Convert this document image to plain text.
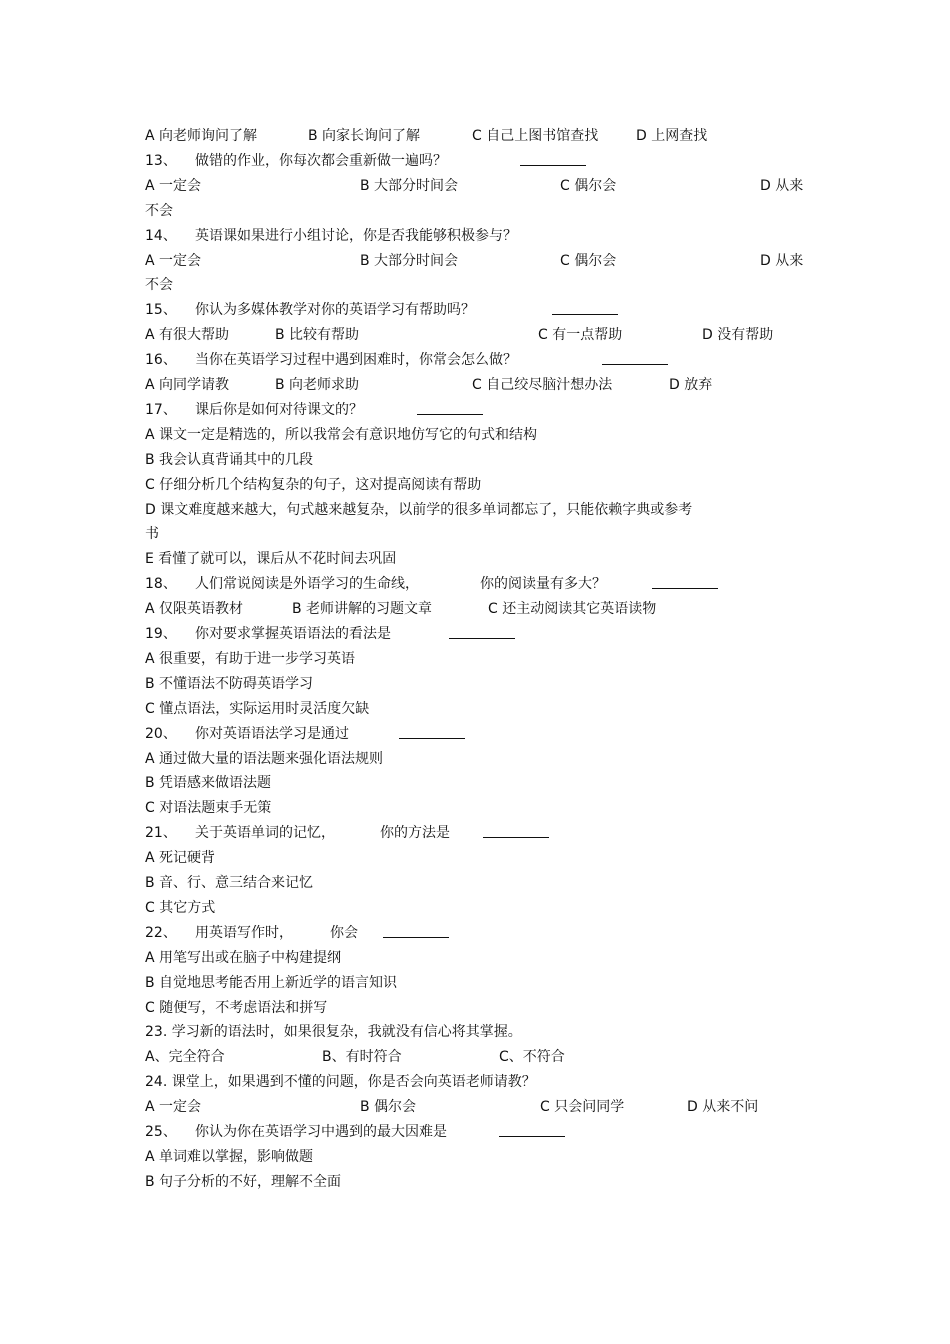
A 向老师询问了解	B 向家长询问了解	C 自己上图书馆查找	D 上网查找
13、 做错的作业，你每次都会重新做一遍吗？
A 一定会	B 大部分时间会	C 偶尔会	D 从来
不会
14、 英语课如果进行小组讨论，你是否我能够积极参与？
A 一定会	B 大部分时间会	C 偶尔会	D 从来
不会
15、 你认为多媒体教学对你的英语学习有帮助吗？
A 有很大帮助	B 比较有帮助	C 有一点帮助	D 没有帮助
16、 当你在英语学习过程中遇到困难时，你常会怎么做？
A 向同学请教	B 向老师求助	C 自己绞尽脑汁想办法	D 放弃
17、 课后你是如何对待课文的？
A 课文一定是精选的，所以我常会有意识地仿写它的句式和结构
B 我会认真背诵其中的几段
C 仔细分析几个结构复杂的句子，这对提高阅读有帮助
D 课文难度越来越大，句式越来越复杂，以前学的很多单词都忘了，只能依赖字典或参考
书
E 看懂了就可以，课后从不花时间去巩固
18、 人们常说阅读是外语学习的生命线，	你的阅读量有多大？
A 仅限英语教材	B 老师讲解的习题文章	C 还主动阅读其它英语读物
19、 你对要求掌握英语语法的看法是
A 很重要，有助于进一步学习英语
B 不懂语法不防碍英语学习
C 懂点语法，实际运用时灵活度欠缺
20、 你对英语语法学习是通过
A 通过做大量的语法题来强化语法规则
B 凭语感来做语法题
C 对语法题束手无策
21、 关于英语单词的记忆，	你的方法是
A 死记硬背
B 音、行、意三结合来记忆
C 其它方式
22、 用英语写作时，	你会
A 用笔写出或在脑子中构建提纲
B 自觉地思考能否用上新近学的语言知识
C 随便写，不考虑语法和拼写
23. 学习新的语法时，如果很复杂，我就没有信心将其掌握。
A、完全符合	B、有时符合	C、不符合
24. 课堂上，如果遇到不懂的问题，你是否会向英语老师请教？
A 一定会	B 偶尔会	C 只会问同学	D 从来不问
25、 你认为你在英语学习中遇到的最大因难是
A 单词难以掌握，影响做题
B 句子分析的不好，理解不全面
